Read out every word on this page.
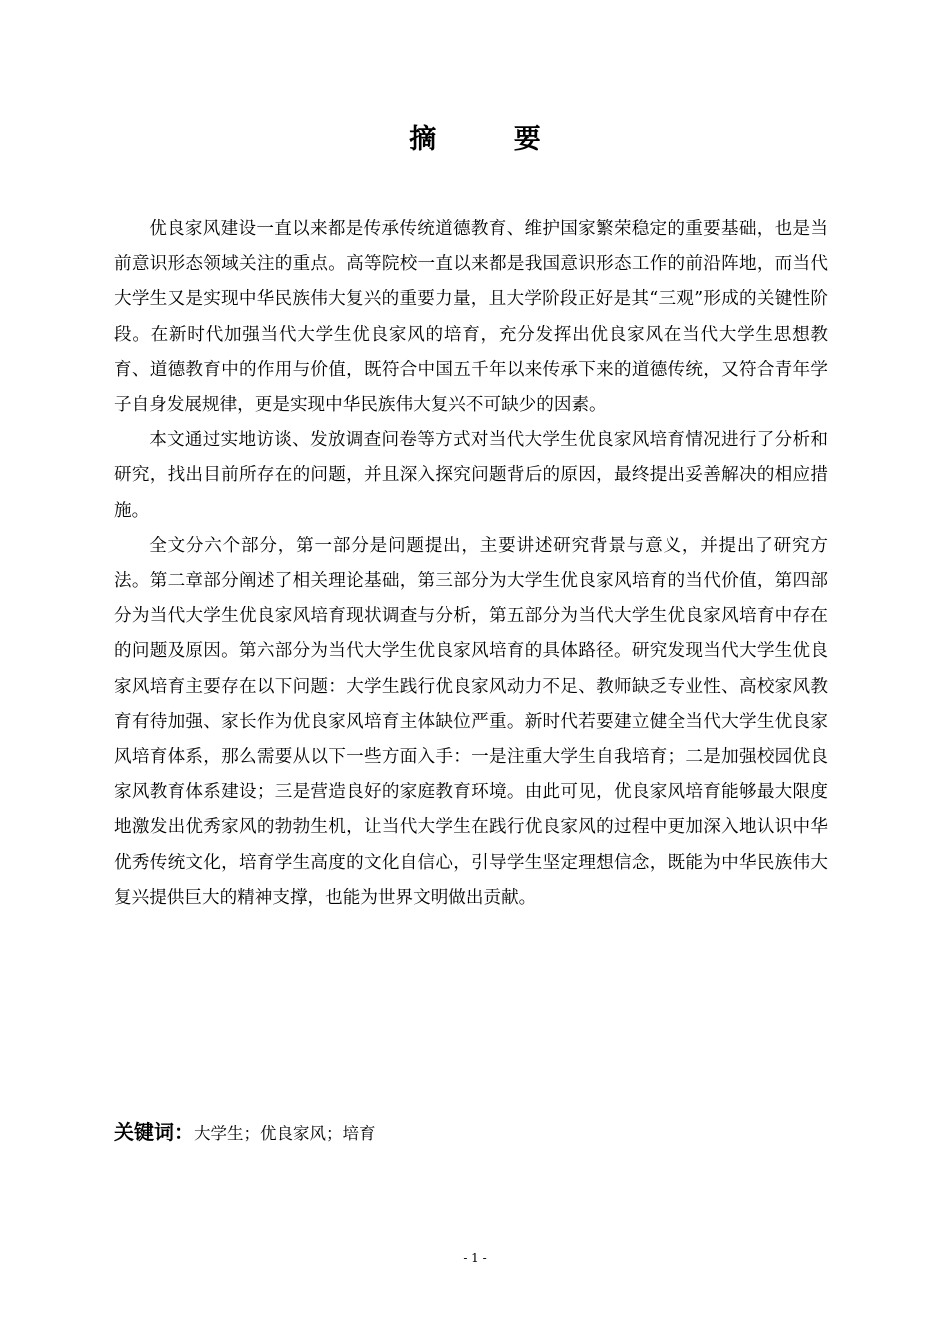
摘 要

优良家风建设一直以来都是传承传统道德教育、维护国家繁荣稳定的重要基础，也是当前意识形态领域关注的重点。高等院校一直以来都是我国意识形态工作的前沿阵地，而当代大学生又是实现中华民族伟大复兴的重要力量，且大学阶段正好是其“三观”形成的关键性阶段。在新时代加强当代大学生优良家风的培育，充分发挥出优良家风在当代大学生思想教育、道德教育中的作用与价值，既符合中国五千年以来传承下来的道德传统，又符合青年学子自身发展规律，更是实现中华民族伟大复兴不可缺少的因素。

本文通过实地访谈、发放调查问卷等方式对当代大学生优良家风培育情况进行了分析和研究，找出目前所存在的问题，并且深入探究问题背后的原因，最终提出妥善解决的相应措施。

全文分六个部分，第一部分是问题提出，主要讲述研究背景与意义，并提出了研究方法。第二章部分阐述了相关理论基础，第三部分为大学生优良家风培育的当代价值，第四部分为当代大学生优良家风培育现状调查与分析，第五部分为当代大学生优良家风培育中存在的问题及原因。第六部分为当代大学生优良家风培育的具体路径。研究发现当代大学生优良家风培育主要存在以下问题：大学生践行优良家风动力不足、教师缺乏专业性、高校家风教育有待加强、家长作为优良家风培育主体缺位严重。新时代若要建立健全当代大学生优良家风培育体系，那么需要从以下一些方面入手：一是注重大学生自我培育；二是加强校园优良家风教育体系建设；三是营造良好的家庭教育环境。由此可见，优良家风培育能够最大限度地激发出优秀家风的勃勃生机，让当代大学生在践行优良家风的过程中更加深入地认识中华优秀传统文化，培育学生高度的文化自信心，引导学生坚定理想信念，既能为中华民族伟大复兴提供巨大的精神支撑，也能为世界文明做出贡献。

关键词：大学生；优良家风；培育
- 1 -
